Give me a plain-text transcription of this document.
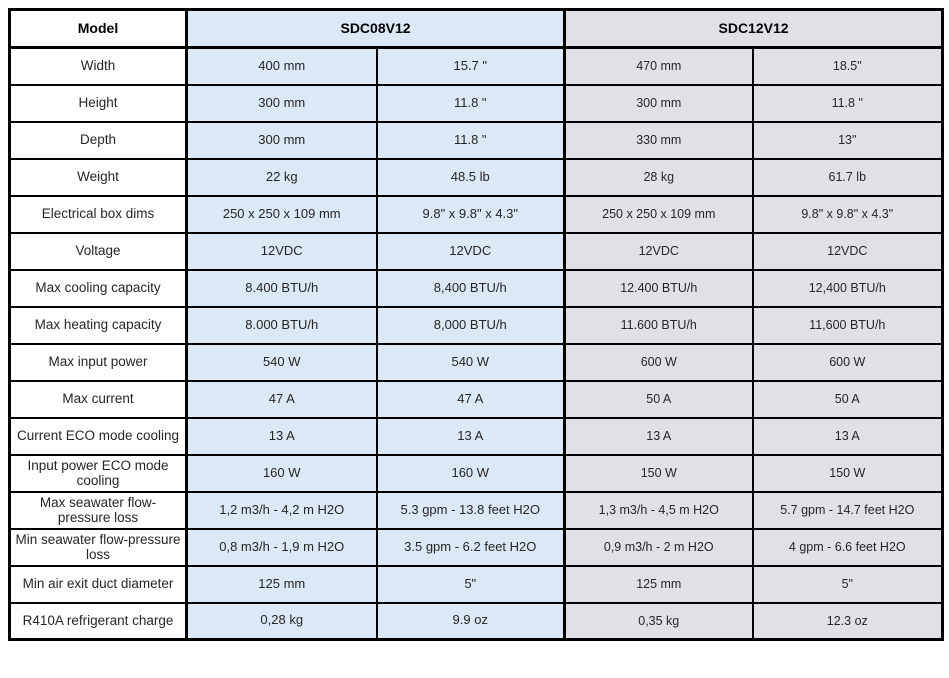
Model	SDC08V12		SDC12V12	
Width	400 mm	15.7 "	470 mm	18.5"
Height	300 mm	11.8 "	300 mm	11.8 "
Depth	300 mm	11.8 "	330 mm	13"
Weight	22 kg	48.5 lb	28 kg	61.7 lb
Electrical box dims	250 x 250 x 109 mm	9.8" x 9.8" x 4.3"	250 x 250 x 109 mm	9.8" x 9.8" x 4.3"
Voltage	12VDC	12VDC	12VDC	12VDC
Max cooling capacity	8.400 BTU/h	8,400 BTU/h	12.400 BTU/h	12,400 BTU/h
Max heating capacity	8.000 BTU/h	8,000 BTU/h	11.600 BTU/h	11,600 BTU/h
Max input power	540 W	540 W	600 W	600 W
Max current	47 A	47 A	50 A	50 A
Current ECO mode cooling	13 A	13 A	13 A	13 A
Input power ECO mode cooling	160 W	160 W	150 W	150 W
Max seawater flow-pressure loss	1,2 m3/h - 4,2 m H2O	5.3 gpm - 13.8 feet H2O	1,3 m3/h - 4,5 m H2O	5.7 gpm - 14.7 feet H2O
Min seawater flow-pressure loss	0,8 m3/h - 1,9 m H2O	3.5 gpm - 6.2 feet H2O	0,9 m3/h - 2 m H2O	4 gpm - 6.6 feet H2O
Min air exit duct diameter	125 mm	5"	125 mm	5"
R410A refrigerant charge	0,28 kg	9.9 oz	0,35 kg	12.3 oz
